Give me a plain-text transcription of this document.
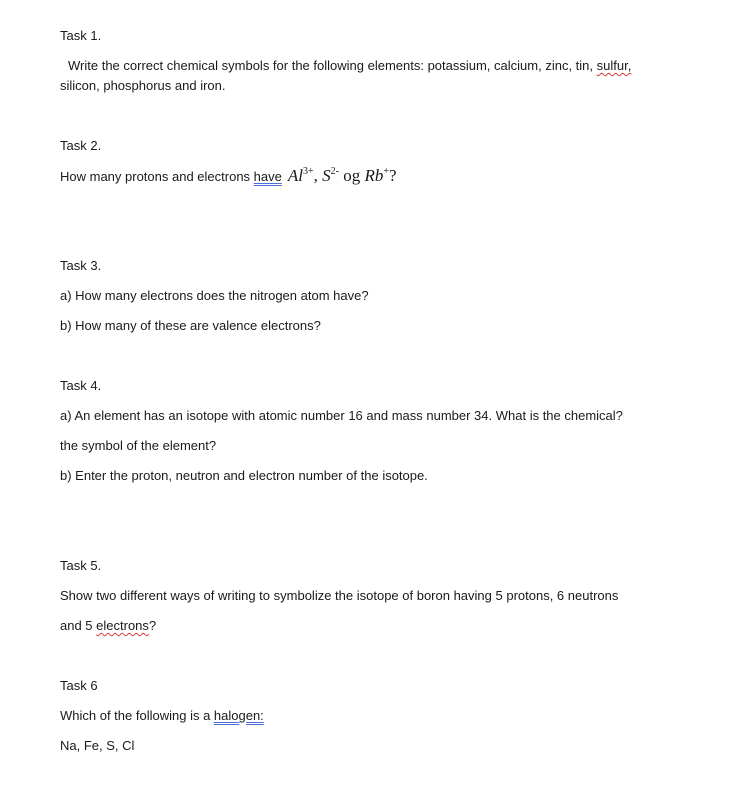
Task 1.
Write the correct chemical symbols for the following elements: potassium, calcium, zinc, tin, sulfur,
silicon, phosphorus and iron.
Task 2.
How many protons and electrons have $Al^{3+}$, $S^{2-}$ og Rb+?
Task 3.
a) How many electrons does the nitrogen atom have?
b) How many of these are valence electrons?
Task 4.
a) An element has an isotope with atomic number 16 and mass number 34. What is the chemical?
the symbol of the element?
b) Enter the proton, neutron and electron number of the isotope.
Task 5.
Show two different ways of writing to symbolize the isotope of boron having 5 protons, 6 neutrons
and 5 electrons?
Task 6
Which of the following is a halogen:
Na, Fe, S, Cl
